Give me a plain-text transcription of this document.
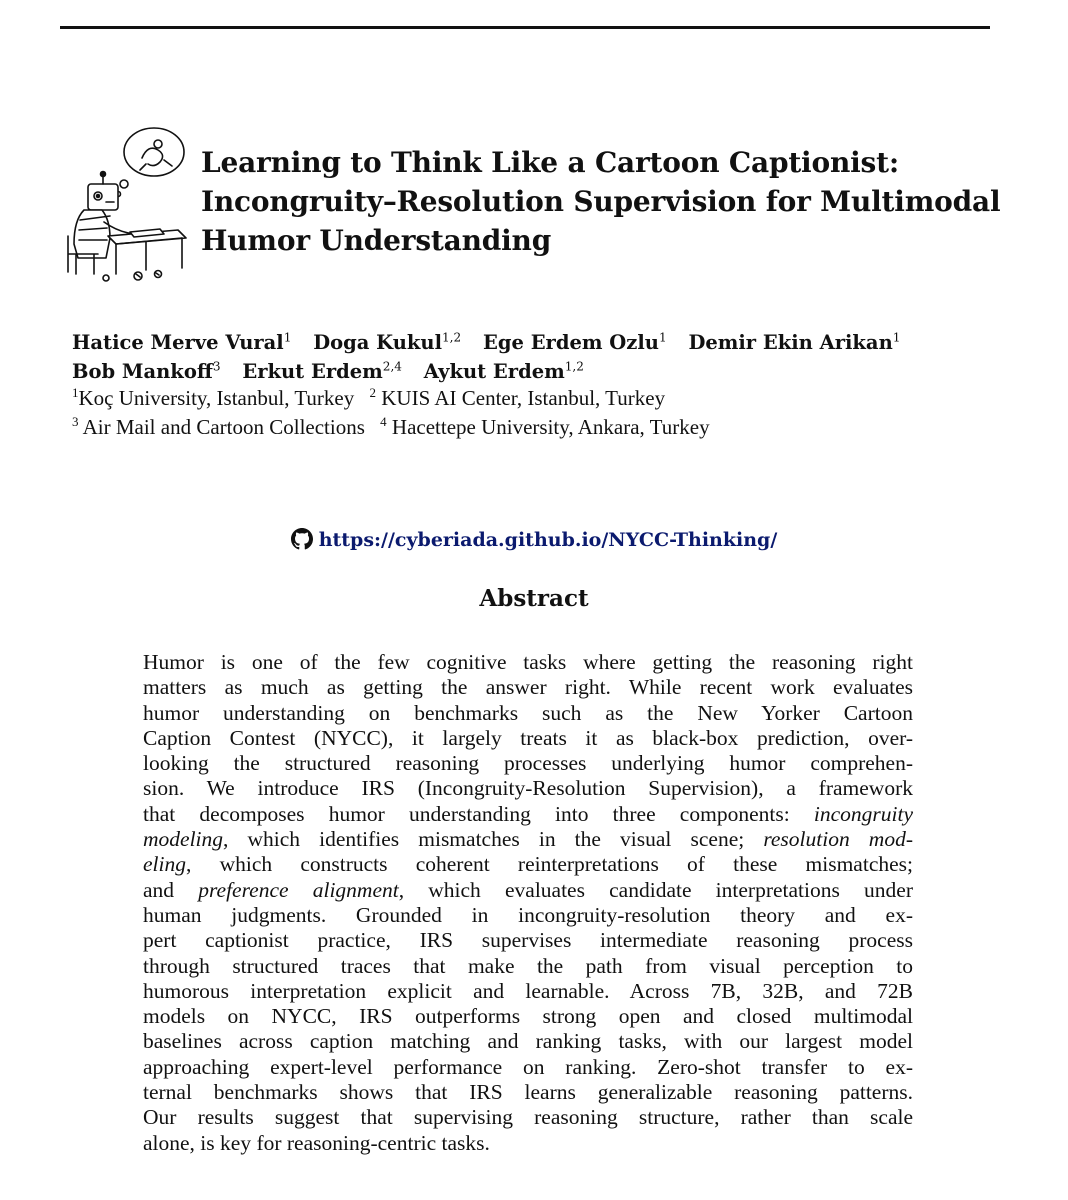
Learning to Think Like a Cartoon Captionist:
Incongruity–Resolution Supervision for Multimodal
Humor Understanding
Hatice Merve Vural$^1$ Doga Kukul$^{1,2}$ Ege Erdem Ozlu$^1$ Demir Ekin Arikan$^1$
Bob Mankoff$^3$ Erkut Erdem$^{2,4}$ Aykut Erdem$^{1,2}$
$^1$Koç University, Istanbul, Turkey $^2$ KUIS AI Center, Istanbul, Turkey
$^3$ Air Mail and Cartoon Collections $^4$ Hacettepe University, Ankara, Turkey
https://cyberiada.github.io/NYCC-Thinking/
Abstract
Humor is one of the few cognitive tasks where getting the reasoning right
matters as much as getting the answer right. While recent work evaluates
humor understanding on benchmarks such as the New Yorker Cartoon
Caption Contest (NYCC), it largely treats it as black-box prediction, over-
looking the structured reasoning processes underlying humor comprehen-
sion. We introduce IRS (Incongruity-Resolution Supervision), a framework
that decomposes humor understanding into three components: incongruity
modeling, which identifies mismatches in the visual scene; resolution mod-
eling, which constructs coherent reinterpretations of these mismatches;
and preference alignment, which evaluates candidate interpretations under
human judgments. Grounded in incongruity-resolution theory and ex-
pert captionist practice, IRS supervises intermediate reasoning process
through structured traces that make the path from visual perception to
humorous interpretation explicit and learnable. Across 7B, 32B, and 72B
models on NYCC, IRS outperforms strong open and closed multimodal
baselines across caption matching and ranking tasks, with our largest model
approaching expert-level performance on ranking. Zero-shot transfer to ex-
ternal benchmarks shows that IRS learns generalizable reasoning patterns.
Our results suggest that supervising reasoning structure, rather than scale
alone, is key for reasoning-centric tasks.
